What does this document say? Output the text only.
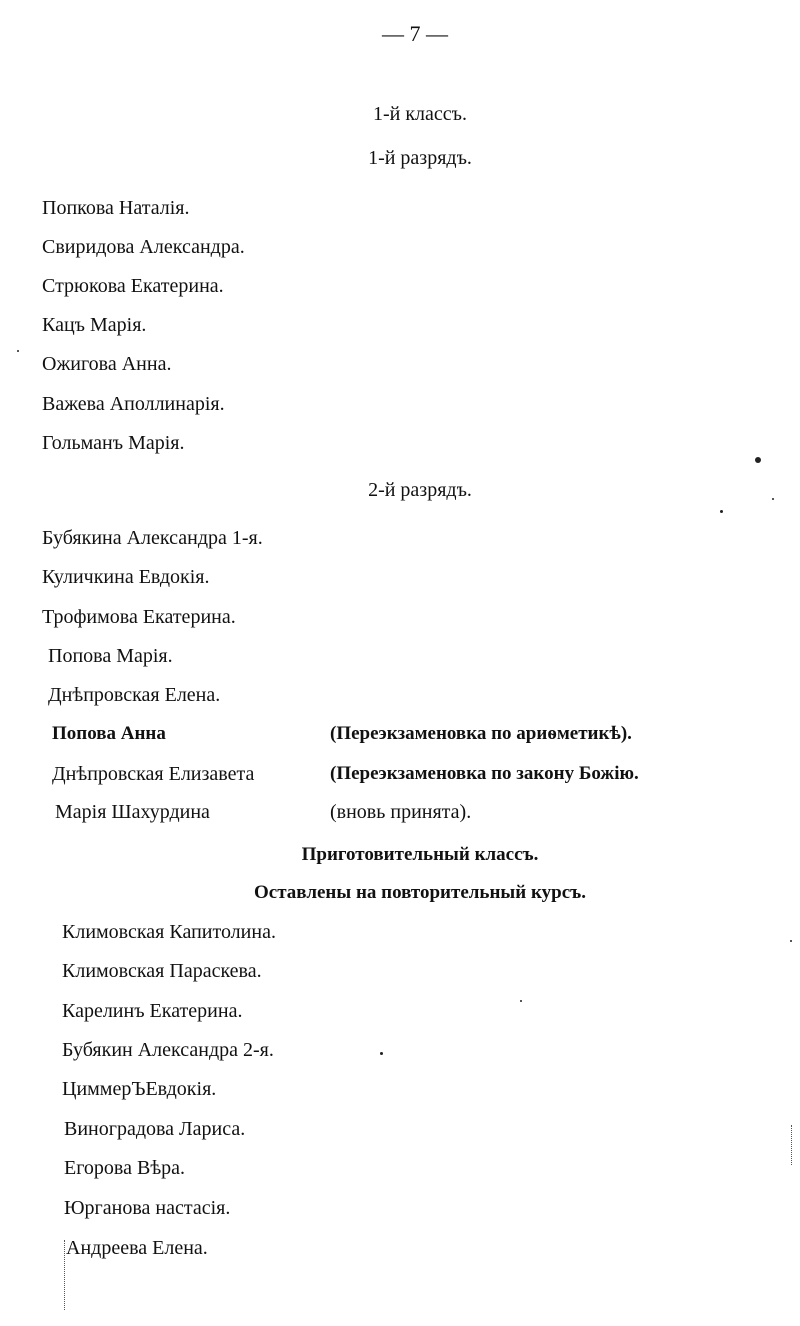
— 7 —
1-й классъ.
1-й разрядъ.
Попкова Наталія.
Свиридова Александра.
Стрюкова Екатерина.
Кацъ Марія.
Ожигова Анна.
Важева Аполлинарія.
Гольманъ Марія.
2-й разрядъ.
Бубякина Александра 1-я.
Куличкина Евдокія.
Трофимова Екатерина.
Попова Марія.
Днѣпровская Елена.
Попова Анна	(Переэкзаменовка по ариѳметикѣ).
Днѣпровская Елизавета	(Переэкзаменовка по закону Божію.
Марія Шахурдина	(вновь принята).
Приготовительный классъ.
Оставлены на повторительный курсъ.
Климовская Капитолина.
Климовская Параскева.
Карелинъ Екатерина.
Бубякин Александра 2-я.
ЦиммерЪЕвдокія.
Виноградова Лариса.
Егорова Вѣра.
Юрганова настасія.
Андреева Елена.
